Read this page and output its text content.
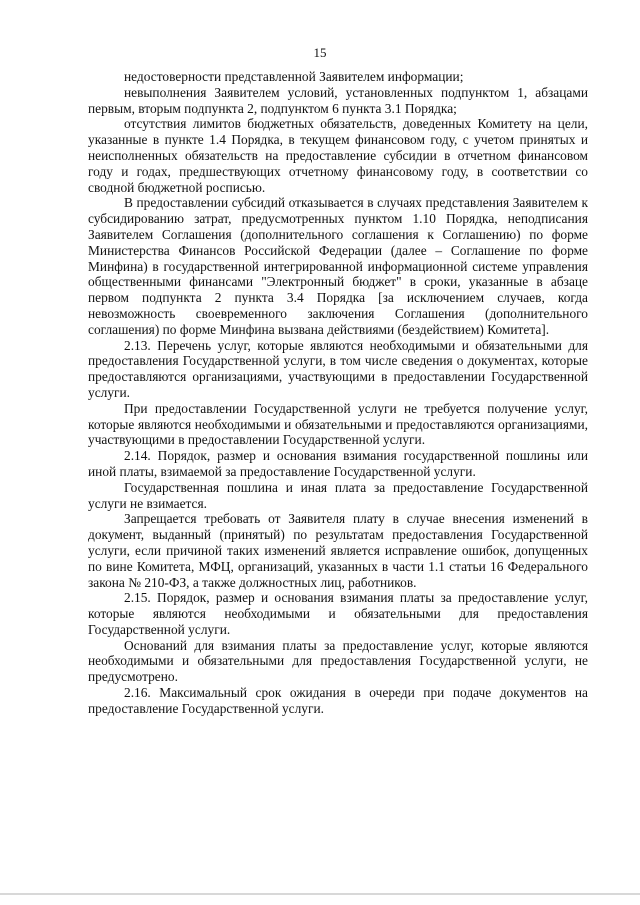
15

недостоверности представленной Заявителем информации;

невыполнения Заявителем условий, установленных подпунктом 1, абзацами первым, вторым подпункта 2, подпунктом 6 пункта 3.1 Порядка;

отсутствия лимитов бюджетных обязательств, доведенных Комитету на цели, указанные в пункте 1.4 Порядка, в текущем финансовом году, с учетом принятых и неисполненных обязательств на предоставление субсидии в отчетном финансовом году и годах, предшествующих отчетному финансовому году, в соответствии со сводной бюджетной росписью.

В предоставлении субсидий отказывается в случаях представления Заявителем к субсидированию затрат, предусмотренных пунктом 1.10 Порядка, неподписания Заявителем Соглашения (дополнительного соглашения к Соглашению) по форме Министерства Финансов Российской Федерации (далее – Соглашение по форме Минфина) в государственной интегрированной информационной системе управления общественными финансами "Электронный бюджет" в сроки, указанные в абзаце первом подпункта 2 пункта 3.4 Порядка [за исключением случаев, когда невозможность своевременного заключения Соглашения (дополнительного соглашения) по форме Минфина вызвана действиями (бездействием) Комитета].

2.13. Перечень услуг, которые являются необходимыми и обязательными для предоставления Государственной услуги, в том числе сведения о документах, которые предоставляются организациями, участвующими в предоставлении Государственной услуги.

При предоставлении Государственной услуги не требуется получение услуг, которые являются необходимыми и обязательными и предоставляются организациями, участвующими в предоставлении Государственной услуги.

2.14. Порядок, размер и основания взимания государственной пошлины или иной платы, взимаемой за предоставление Государственной услуги.

Государственная пошлина и иная плата за предоставление Государственной услуги не взимается.

Запрещается требовать от Заявителя плату в случае внесения изменений в документ, выданный (принятый) по результатам предоставления Государственной услуги, если причиной таких изменений является исправление ошибок, допущенных по вине Комитета, МФЦ, организаций, указанных в части 1.1 статьи 16 Федерального закона № 210-ФЗ, а также должностных лиц, работников.

2.15. Порядок, размер и основания взимания платы за предоставление услуг, которые являются необходимыми и обязательными для предоставления Государственной услуги.

Оснований для взимания платы за предоставление услуг, которые являются необходимыми и обязательными для предоставления Государственной услуги, не предусмотрено.

2.16. Максимальный срок ожидания в очереди при подаче документов на предоставление Государственной услуги.
